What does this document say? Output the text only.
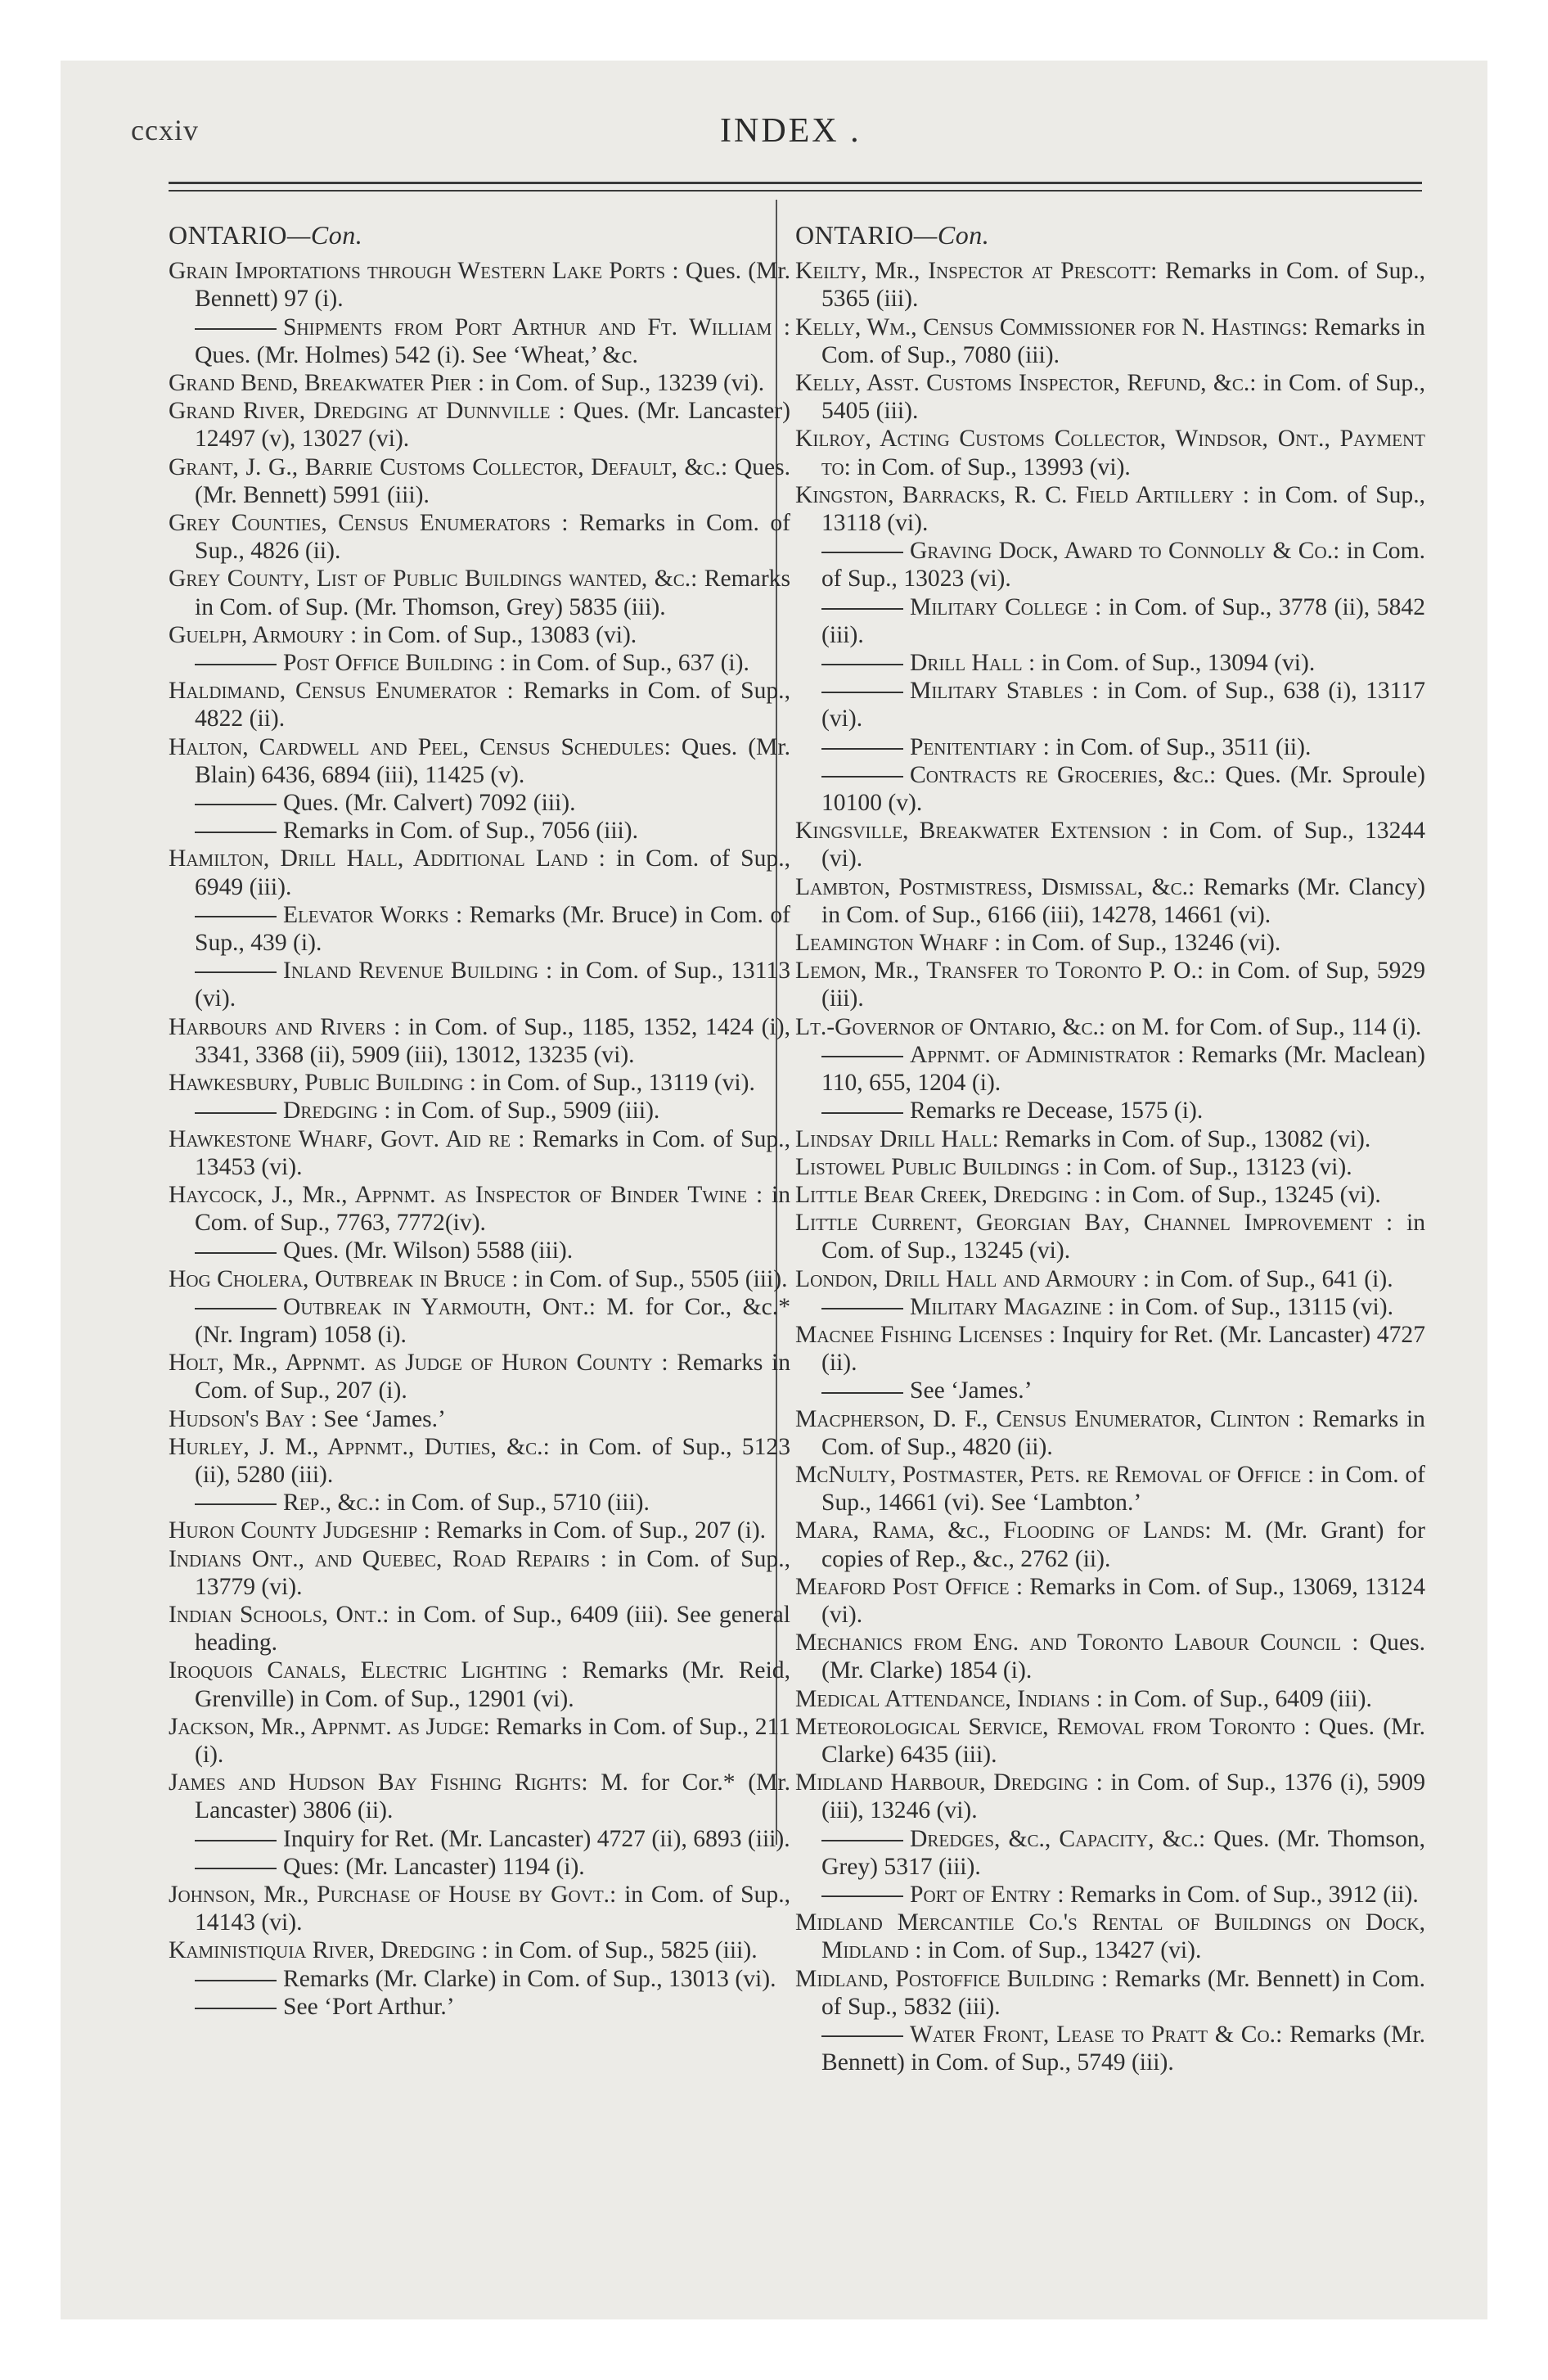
ccxiv	INDEX .
ONTARIO—Con.
Grain Importations through Western Lake Ports : Ques. (Mr. Bennett) 97 (i).
Shipments from Port Arthur and Ft. William : Ques. (Mr. Holmes) 542 (i). See ‘Wheat,’ &c.
Grand Bend, Breakwater Pier : in Com. of Sup., 13239 (vi).
Grand River, Dredging at Dunnville : Ques. (Mr. Lancaster) 12497 (v), 13027 (vi).
Grant, J. G., Barrie Customs Collector, Default, &c.: Ques. (Mr. Bennett) 5991 (iii).
Grey Counties, Census Enumerators : Remarks in Com. of Sup., 4826 (ii).
Grey County, List of Public Buildings wanted, &c.: Remarks in Com. of Sup. (Mr. Thomson, Grey) 5835 (iii).
Guelph, Armoury : in Com. of Sup., 13083 (vi).
Post Office Building : in Com. of Sup., 637 (i).
Haldimand, Census Enumerator : Remarks in Com. of Sup., 4822 (ii).
Halton, Cardwell and Peel, Census Schedules: Ques. (Mr. Blain) 6436, 6894 (iii), 11425 (v).
Ques. (Mr. Calvert) 7092 (iii).
Remarks in Com. of Sup., 7056 (iii).
Hamilton, Drill Hall, Additional Land : in Com. of Sup., 6949 (iii).
Elevator Works : Remarks (Mr. Bruce) in Com. of Sup., 439 (i).
Inland Revenue Building : in Com. of Sup., 13113 (vi).
Harbours and Rivers : in Com. of Sup., 1185, 1352, 1424 (i), 3341, 3368 (ii), 5909 (iii), 13012, 13235 (vi).
Hawkesbury, Public Building : in Com. of Sup., 13119 (vi).
Dredging : in Com. of Sup., 5909 (iii).
Hawkestone Wharf, Govt. Aid re : Remarks in Com. of Sup., 13453 (vi).
Haycock, J., Mr., Appnmt. as Inspector of Binder Twine : in Com. of Sup., 7763, 7772(iv).
Ques. (Mr. Wilson) 5588 (iii).
Hog Cholera, Outbreak in Bruce : in Com. of Sup., 5505 (iii).
Outbreak in Yarmouth, Ont.: M. for Cor., &c.* (Nr. Ingram) 1058 (i).
Holt, Mr., Appnmt. as Judge of Huron County : Remarks in Com. of Sup., 207 (i).
Hudson's Bay : See ‘James.’
Hurley, J. M., Appnmt., Duties, &c.: in Com. of Sup., 5123 (ii), 5280 (iii).
Rep., &c.: in Com. of Sup., 5710 (iii).
Huron County Judgeship : Remarks in Com. of Sup., 207 (i).
Indians Ont., and Quebec, Road Repairs : in Com. of Sup., 13779 (vi).
Indian Schools, Ont.: in Com. of Sup., 6409 (iii). See general heading.
Iroquois Canals, Electric Lighting : Remarks (Mr. Reid, Grenville) in Com. of Sup., 12901 (vi).
Jackson, Mr., Appnmt. as Judge: Remarks in Com. of Sup., 211 (i).
James and Hudson Bay Fishing Rights: M. for Cor.* (Mr. Lancaster) 3806 (ii).
Inquiry for Ret. (Mr. Lancaster) 4727 (ii), 6893 (iii).
Ques: (Mr. Lancaster) 1194 (i).
Johnson, Mr., Purchase of House by Govt.: in Com. of Sup., 14143 (vi).
Kaministiquia River, Dredging : in Com. of Sup., 5825 (iii).
Remarks (Mr. Clarke) in Com. of Sup., 13013 (vi).
See ‘Port Arthur.’
ONTARIO—Con.
Keilty, Mr., Inspector at Prescott: Remarks in Com. of Sup., 5365 (iii).
Kelly, Wm., Census Commissioner for N. Hastings: Remarks in Com. of Sup., 7080 (iii).
Kelly, Asst. Customs Inspector, Refund, &c.: in Com. of Sup., 5405 (iii).
Kilroy, Acting Customs Collector, Windsor, Ont., Payment to: in Com. of Sup., 13993 (vi).
Kingston, Barracks, R. C. Field Artillery : in Com. of Sup., 13118 (vi).
Graving Dock, Award to Connolly & Co.: in Com. of Sup., 13023 (vi).
Military College : in Com. of Sup., 3778 (ii), 5842 (iii).
Drill Hall : in Com. of Sup., 13094 (vi).
Military Stables : in Com. of Sup., 638 (i), 13117 (vi).
Penitentiary : in Com. of Sup., 3511 (ii).
Contracts re Groceries, &c.: Ques. (Mr. Sproule) 10100 (v).
Kingsville, Breakwater Extension : in Com. of Sup., 13244 (vi).
Lambton, Postmistress, Dismissal, &c.: Remarks (Mr. Clancy) in Com. of Sup., 6166 (iii), 14278, 14661 (vi).
Leamington Wharf : in Com. of Sup., 13246 (vi).
Lemon, Mr., Transfer to Toronto P. O.: in Com. of Sup, 5929 (iii).
Lt.-Governor of Ontario, &c.: on M. for Com. of Sup., 114 (i).
Appnmt. of Administrator : Remarks (Mr. Maclean) 110, 655, 1204 (i).
Remarks re Decease, 1575 (i).
Lindsay Drill Hall: Remarks in Com. of Sup., 13082 (vi).
Listowel Public Buildings : in Com. of Sup., 13123 (vi).
Little Bear Creek, Dredging : in Com. of Sup., 13245 (vi).
Little Current, Georgian Bay, Channel Improvement : in Com. of Sup., 13245 (vi).
London, Drill Hall and Armoury : in Com. of Sup., 641 (i).
Military Magazine : in Com. of Sup., 13115 (vi).
Macnee Fishing Licenses : Inquiry for Ret. (Mr. Lancaster) 4727 (ii).
See ‘James.’
Macpherson, D. F., Census Enumerator, Clinton : Remarks in Com. of Sup., 4820 (ii).
McNulty, Postmaster, Pets. re Removal of Office : in Com. of Sup., 14661 (vi). See ‘Lambton.’
Mara, Rama, &c., Flooding of Lands: M. (Mr. Grant) for copies of Rep., &c., 2762 (ii).
Meaford Post Office : Remarks in Com. of Sup., 13069, 13124 (vi).
Mechanics from Eng. and Toronto Labour Council : Ques. (Mr. Clarke) 1854 (i).
Medical Attendance, Indians : in Com. of Sup., 6409 (iii).
Meteorological Service, Removal from Toronto : Ques. (Mr. Clarke) 6435 (iii).
Midland Harbour, Dredging : in Com. of Sup., 1376 (i), 5909 (iii), 13246 (vi).
Dredges, &c., Capacity, &c.: Ques. (Mr. Thomson, Grey) 5317 (iii).
Port of Entry : Remarks in Com. of Sup., 3912 (ii).
Midland Mercantile Co.'s Rental of Buildings on Dock, Midland : in Com. of Sup., 13427 (vi).
Midland, Postoffice Building : Remarks (Mr. Bennett) in Com. of Sup., 5832 (iii).
Water Front, Lease to Pratt & Co.: Remarks (Mr. Bennett) in Com. of Sup., 5749 (iii).
